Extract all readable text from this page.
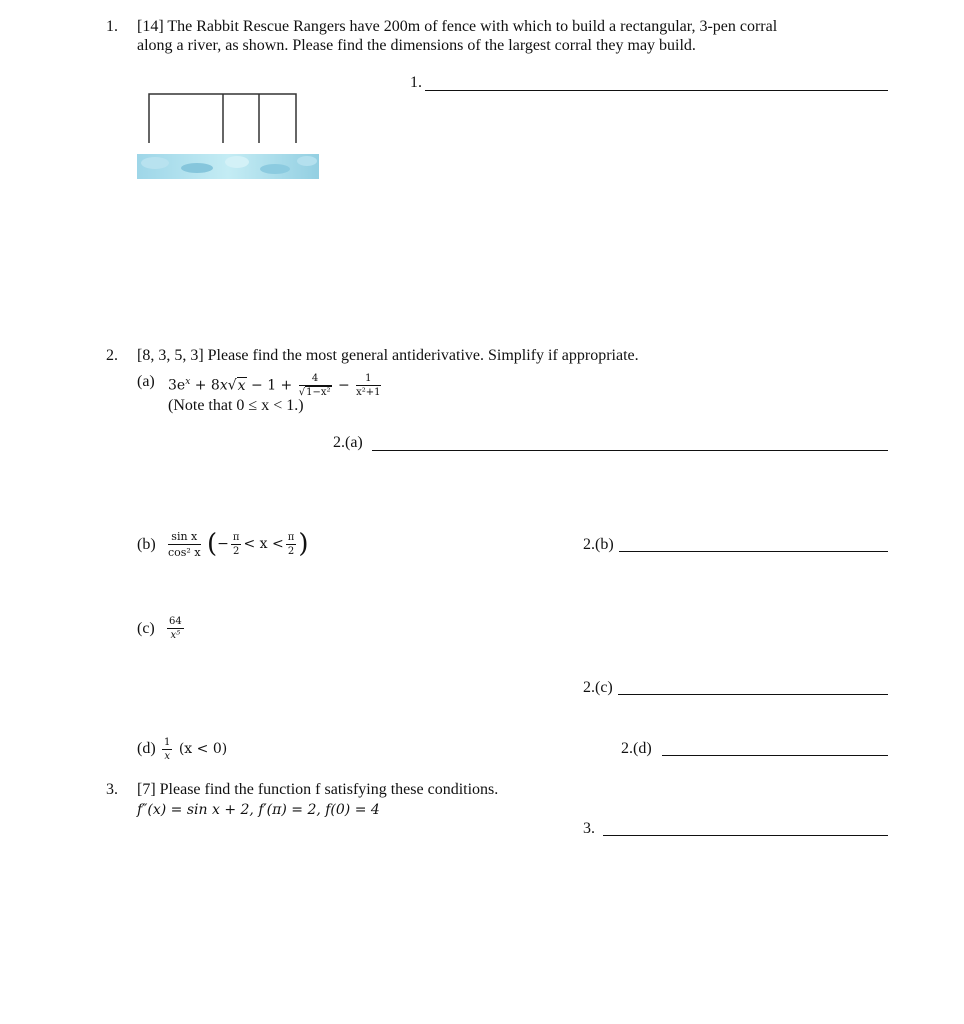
1. [14] The Rabbit Rescue Rangers have 200m of fence with which to build a rectangular, 3-pen corral
along a river, as shown. Please find the dimensions of the largest corral they may build.
1.
2. [8, 3, 5, 3] Please find the most general antiderivative. Simplify if appropriate.
(a) $3e^x + 8x√x - 1 + \frac{4}{\text{√1−x²}} - \frac{1}{\text{x²+1}}$
(Note that 0 ≤ x < 1.)
2.(a)
$(b) \frac{\text{sin x}}{\text{cos² x}}$ (− $\frac{\pi}{2} < x < \frac{\pi}{2}$ )	2.(b)
$(c) \frac{64}{\text{x⁵}}$
2.(c)
$(d) \frac{1}{x} (x < 0)$	2.(d)
3. [7] Please find the function f satisfying these conditions.
f″(x) = sin x + 2, f′(π) = 2, f(0) = 4
3.
